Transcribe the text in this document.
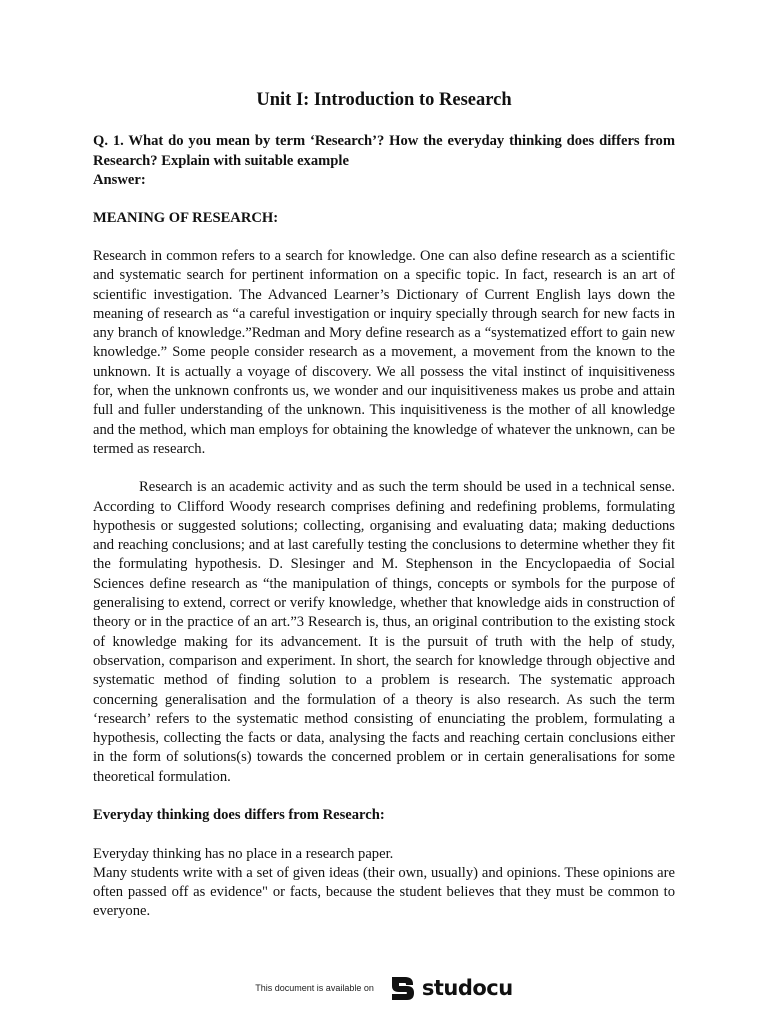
Unit I: Introduction to Research

Q. 1. What do you mean by term ‘Research’? How the everyday thinking does differs from Research? Explain with suitable example

Answer:

MEANING OF RESEARCH:

Research in common refers to a search for knowledge. One can also define research as a scientific and systematic search for pertinent information on a specific topic. In fact, research is an art of scientific investigation. The Advanced Learner’s Dictionary of Current English lays down the meaning of research as “a careful investigation or inquiry specially through search for new facts in any branch of knowledge.”Redman and Mory define research as a “systematized effort to gain new knowledge.” Some people consider research as a movement, a movement from the known to the unknown. It is actually a voyage of discovery. We all possess the vital instinct of inquisitiveness for, when the unknown confronts us, we wonder and our inquisitiveness makes us probe and attain full and fuller understanding of the unknown. This inquisitiveness is the mother of all knowledge and the method, which man employs for obtaining the knowledge of whatever the unknown, can be termed as research.

Research is an academic activity and as such the term should be used in a technical sense. According to Clifford Woody research comprises defining and redefining problems, formulating hypothesis or suggested solutions; collecting, organising and evaluating data; making deductions and reaching conclusions; and at last carefully testing the conclusions to determine whether they fit the formulating hypothesis. D. Slesinger and M. Stephenson in the Encyclopaedia of Social Sciences define research as “the manipulation of things, concepts or symbols for the purpose of generalising to extend, correct or verify knowledge, whether that knowledge aids in construction of theory or in the practice of an art.”3 Research is, thus, an original contribution to the existing stock of knowledge making for its advancement. It is the pursuit of truth with the help of study, observation, comparison and experiment. In short, the search for knowledge through objective and systematic method of finding solution to a problem is research. The systematic approach concerning generalisation and the formulation of a theory is also research. As such the term ‘research’ refers to the systematic method consisting of enunciating the problem, formulating a hypothesis, collecting the facts or data, analysing the facts and reaching certain conclusions either in the form of solutions(s) towards the concerned problem or in certain generalisations for some theoretical formulation.

Everyday thinking does differs from Research:

Everyday thinking has no place in a research paper.

Many students write with a set of given ideas (their own, usually) and opinions. These opinions are often passed off as evidence" or facts, because the student believes that they must be common to everyone.

This document is available on studocu
